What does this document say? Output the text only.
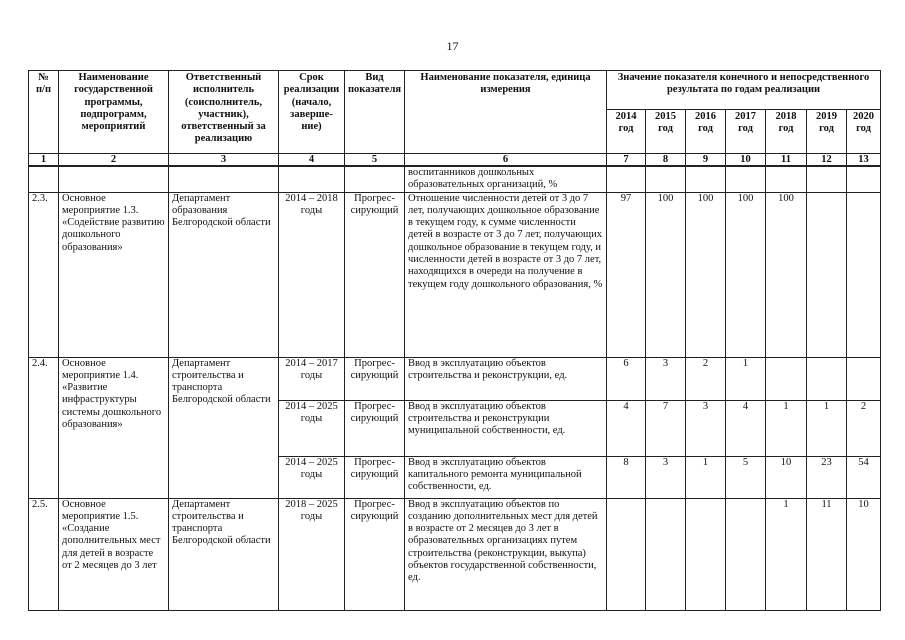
17
№
п/п	Наименование государственной программы, подпрограмм, мероприятий	Ответственный исполнитель (соисполнитель, участник), ответственный за реализацию	Срок реализации (начало, заверше-ние)	Вид показателя	Наименование показателя, единица измерения	Значение показателя конечного и непосредственного результата по годам реализации						
						2014 год	2015 год	2016 год	2017 год	2018 год	2019 год	2020 год
1	2	3	4	5	6	7	8	9	10	11	12	13
					воспитанников дошкольных образовательных организаций, %							
2.3.	Основное мероприятие 1.3. «Содействие развитию дошкольного образования»	Департамент образования Белгородской области	2014 – 2018 годы	Прогрес-сирующий	Отношение численности детей от 3 до 7 лет, получающих дошкольное образование в текущем году, к сумме численности детей в возрасте от 3 до 7 лет, получающих дошкольное образование в текущем году, и численности детей в возрасте от 3 до 7 лет, находящихся в очереди на получение в текущем году дошкольного образования, %	97	100	100	100	100		
2.4.	Основное мероприятие 1.4. «Развитие инфраструктуры системы дошкольного образования»	Департамент строительства и транспорта Белгородской области	2014 – 2017 годы	Прогрес-сирующий	Ввод в эксплуатацию объектов строительства и реконструкции, ед.	6	3	2	1			
			2014 – 2025 годы	Прогрес-сирующий	Ввод в эксплуатацию объектов строительства и реконструкции муниципальной собственности, ед.	4	7	3	4	1	1	2
			2014 – 2025 годы	Прогрес-сирующий	Ввод в эксплуатацию объектов капитального ремонта муниципальной собственности, ед.	8	3	1	5	10	23	54
2.5.	Основное мероприятие 1.5. «Создание дополнительных мест для детей в возрасте от 2 месяцев до 3 лет	Департамент строительства и транспорта Белгородской области	2018 – 2025 годы	Прогрес-сирующий	Ввод в эксплуатацию объектов по созданию дополнительных мест для детей в возрасте от 2 месяцев до 3 лет в образовательных организациях путем строительства (реконструкции, выкупа) объектов государственной собственности, ед.					1	11	10
